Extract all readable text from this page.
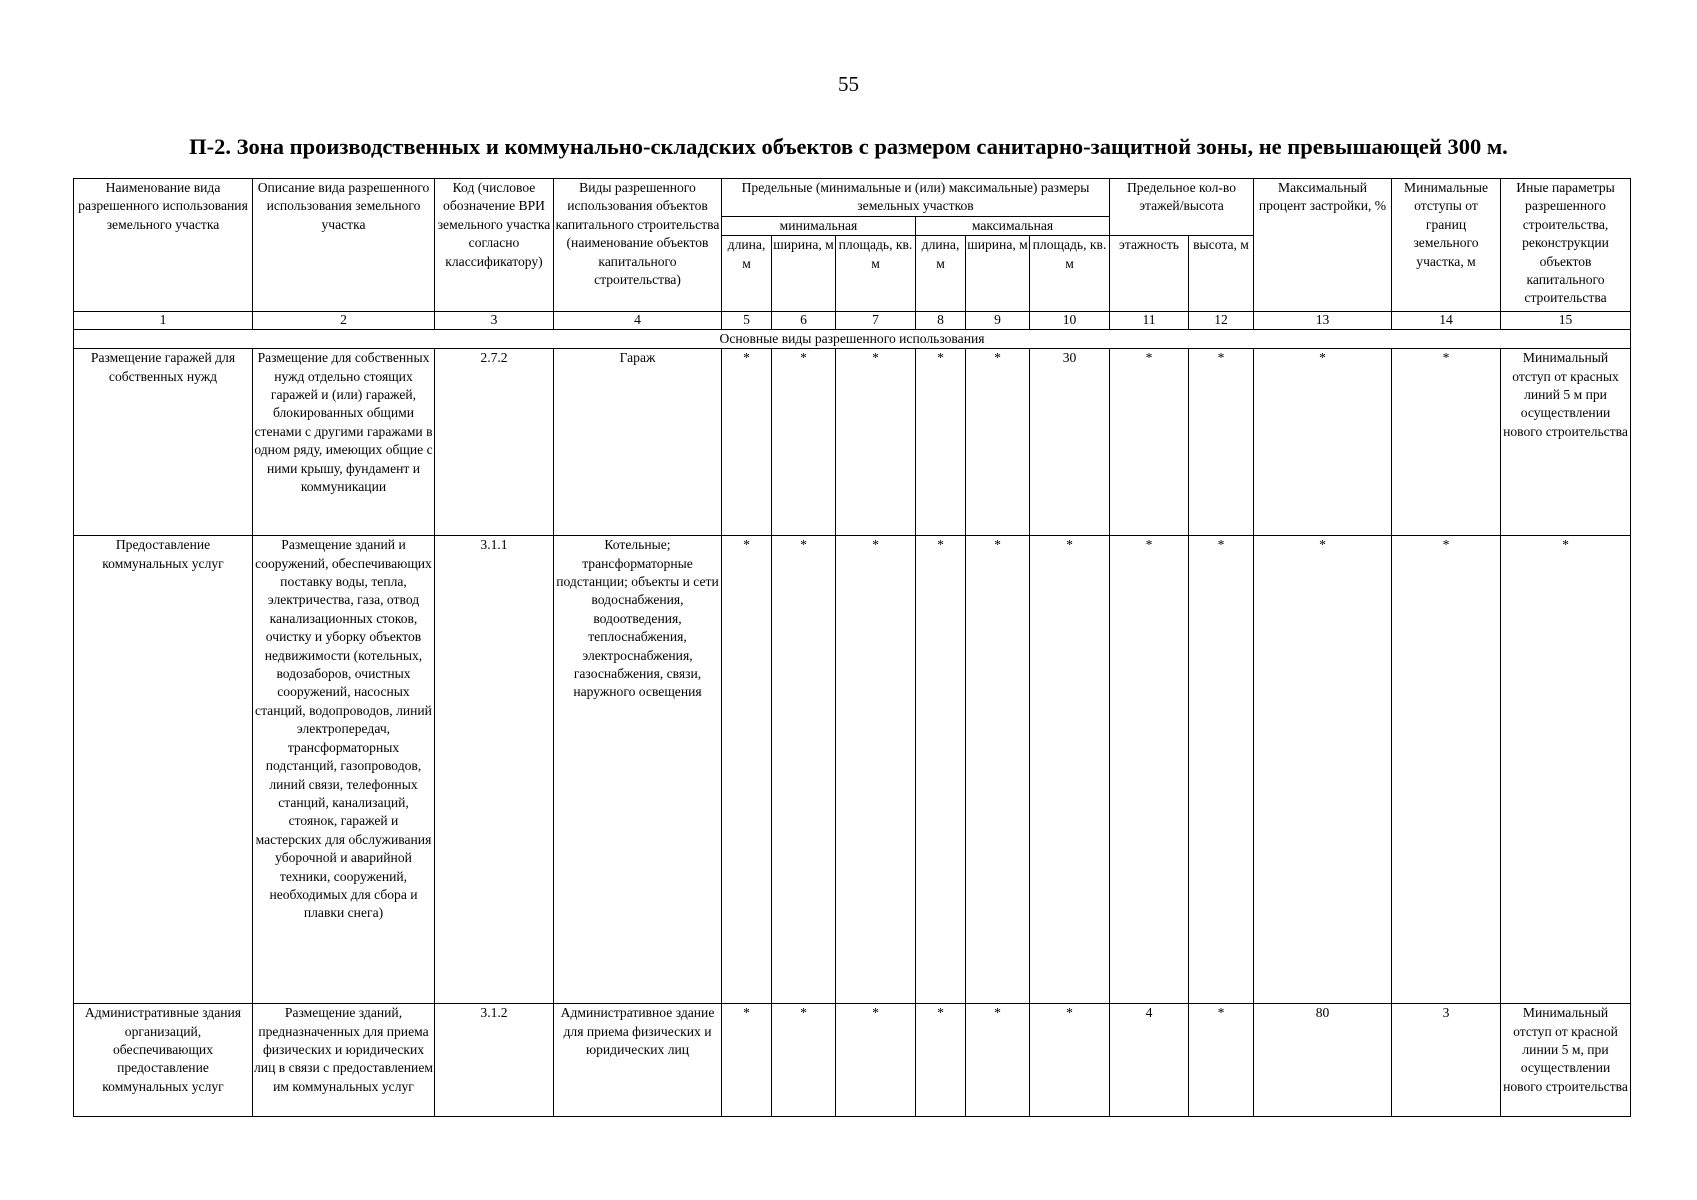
55
П-2. Зона производственных и коммунально-складских объектов с размером санитарно-защитной зоны, не превышающей 300 м.
Наименование вида разрешенного использования земельного участка	Описание вида разрешенного использования земельного участка	Код (числовое обозначение ВРИ земельного участка согласно классификатору)	Виды разрешенного использования объектов капитального строительства (наименование объектов капитального строительства)	Предельные (минимальные и (или) максимальные) размеры земельных участков						Предельное кол-во этажей/высота		Максимальный процент застройки, %	Минимальные отступы от границ земельного участка, м	Иные параметры разрешенного строительства, реконструкции объектов капитального строительства

				минимальная			максимальная							
				длина, м	ширина, м	площадь, кв. м	длина, м	ширина, м	площадь, кв. м	этажность	высота, м			
1	2	3	4	5	6	7	8	9	10	11	12	13	14	15
Основные виды разрешенного использования														
Размещение гаражей для собственных нужд	Размещение для собственных нужд отдельно стоящих гаражей и (или) гаражей, блокированных общими стенами с другими гаражами в одном ряду, имеющих общие с ними крышу, фундамент и коммуникации	2.7.2	Гараж	*	*	*	*	*	30	*	*	*	*	Минимальный отступ от красных линий 5 м при осуществлении нового строительства
Предоставление коммунальных услуг	Размещение зданий и сооружений, обеспечивающих поставку воды, тепла, электричества, газа, отвод канализационных стоков, очистку и уборку объектов недвижимости (котельных, водозаборов, очистных сооружений, насосных станций, водопроводов, линий электропередач, трансформаторных подстанций, газопроводов, линий связи, телефонных станций, канализаций, стоянок, гаражей и мастерских для обслуживания уборочной и аварийной техники, сооружений, необходимых для сбора и плавки снега)	3.1.1	Котельные; трансформаторные подстанции; объекты и сети водоснабжения, водоотведения, теплоснабжения, электроснабжения, газоснабжения, связи, наружного освещения	*	*	*	*	*	*	*	*	*	*	*
Административные здания организаций, обеспечивающих предоставление коммунальных услуг	Размещение зданий, предназначенных для приема физических и юридических лиц в связи с предоставлением им коммунальных услуг	3.1.2	Административное здание для приема физических и юридических лиц	*	*	*	*	*	*	4	*	80	3	Минимальный отступ от красной линии 5 м, при осуществлении нового строительства
